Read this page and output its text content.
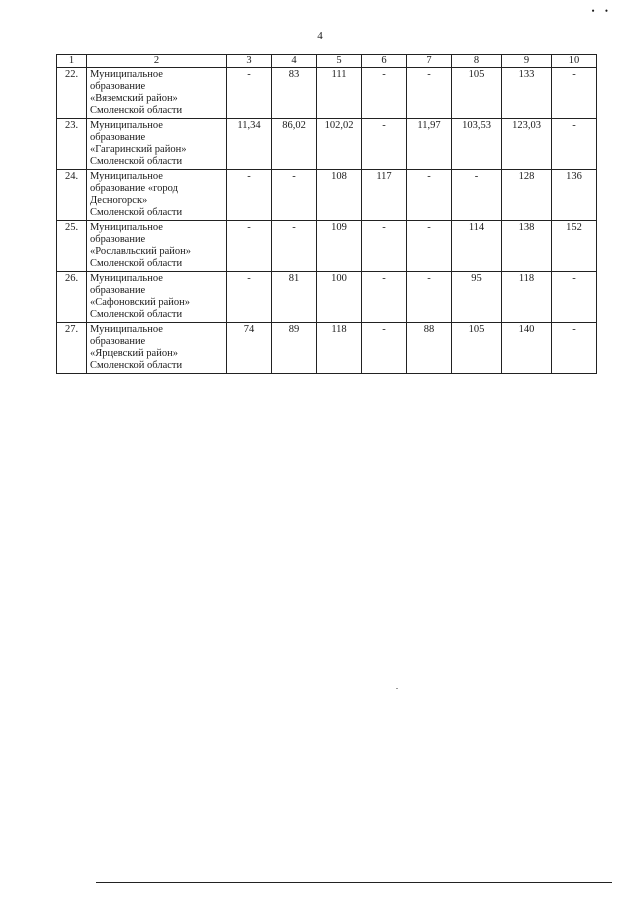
4
• •
1	2	3	4	5	6	7	8	9	10
22.	Муниципальное
образование
«Вяземский район»
Смоленской области	-	83	111	-	-	105	133	-
23.	Муниципальное
образование
«Гагаринский район»
Смоленской области	11,34	86,02	102,02	-	11,97	103,53	123,03	-
24.	Муниципальное
образование «город
Десногорск»
Смоленской области	-	-	108	117	-	-	128	136
25.	Муниципальное
образование
«Рославльский район»
Смоленской области	-	-	109	-	-	114	138	152
26.	Муниципальное
образование
«Сафоновский район»
Смоленской области	-	81	100	-	-	95	118	-
27.	Муниципальное
образование
«Ярцевский район»
Смоленской области	74	89	118	-	88	105	140	-
